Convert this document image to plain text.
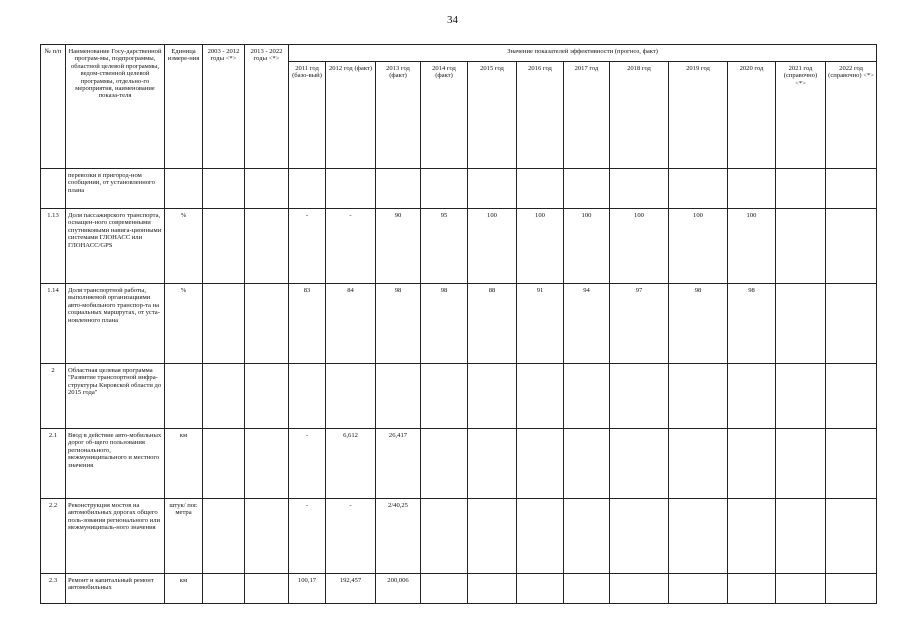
34
№ п/п	Наименование Госу-дарственной програм-мы, подпрограммы, областной целевой программы, ведом-ственной целевой программы, отдельно-го мероприятия, наименование показа-теля	Единица измере-ния	2003 - 2012 годы <*>	2013 - 2022 годы <*>	Значение показателей эффективности (прогноз, факт)											
					2011 год (базо-вый)	2012 год (факт)	2013 год (факт)	2014 год (факт)	2015 год	2016 год	2017 год	2018 год	2019 год	2020 год	2021 год (справочно) <*>	2022 год (справочно) <*>
	перевозки в пригород-ном сообщении, от установленного плана															
1.13	Доля пассажирского транспорта, оснащен-ного современными спутниковыми навига-ционными системами ГЛОНАСС или ГЛОНАСС/GPS	%			-	-	90	95	100	100	100	100	100	100		
1.14	Доля транспортной работы, выполняемой организациями авто-мобильного транспор-та на социальных маршрутах, от уста-новленного плана	%			83	84	98	98	88	91	94	97	98	98		
2	Областная целевая программа "Развитие транспортной инфра-структуры Кировской области до 2015 года"															
2.1	Ввод в действие авто-мобильных дорог об-щего пользования регионального, межмуниципального и местного значения	км			-	6,612	26,417									
2.2	Реконструкция мостов на автомобильных дорогах общего поль-зования регионального или межмуниципаль-ного значения	штук/ пог. метра			-	-	2/40,25									
2.3	Ремонт и капитальный ремонт автомобильных	км			100,17	192,457	200,006									
